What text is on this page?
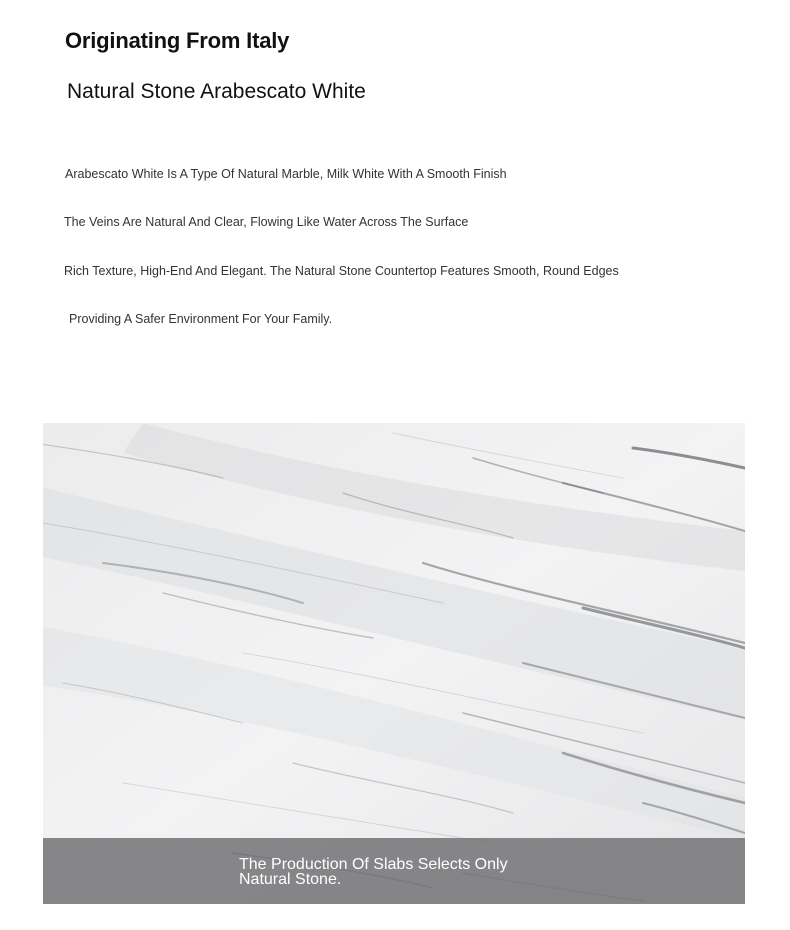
Originating From Italy
Natural Stone Arabescato White
Arabescato White Is A Type Of Natural Marble, Milk White With A Smooth Finish
The Veins Are Natural And Clear, Flowing Like Water Across The Surface
Rich Texture, High-End And Elegant. The Natural Stone Countertop Features Smooth, Round Edges
Providing A Safer Environment For Your Family.
The Production Of Slabs Selects Only Natural Stone.
